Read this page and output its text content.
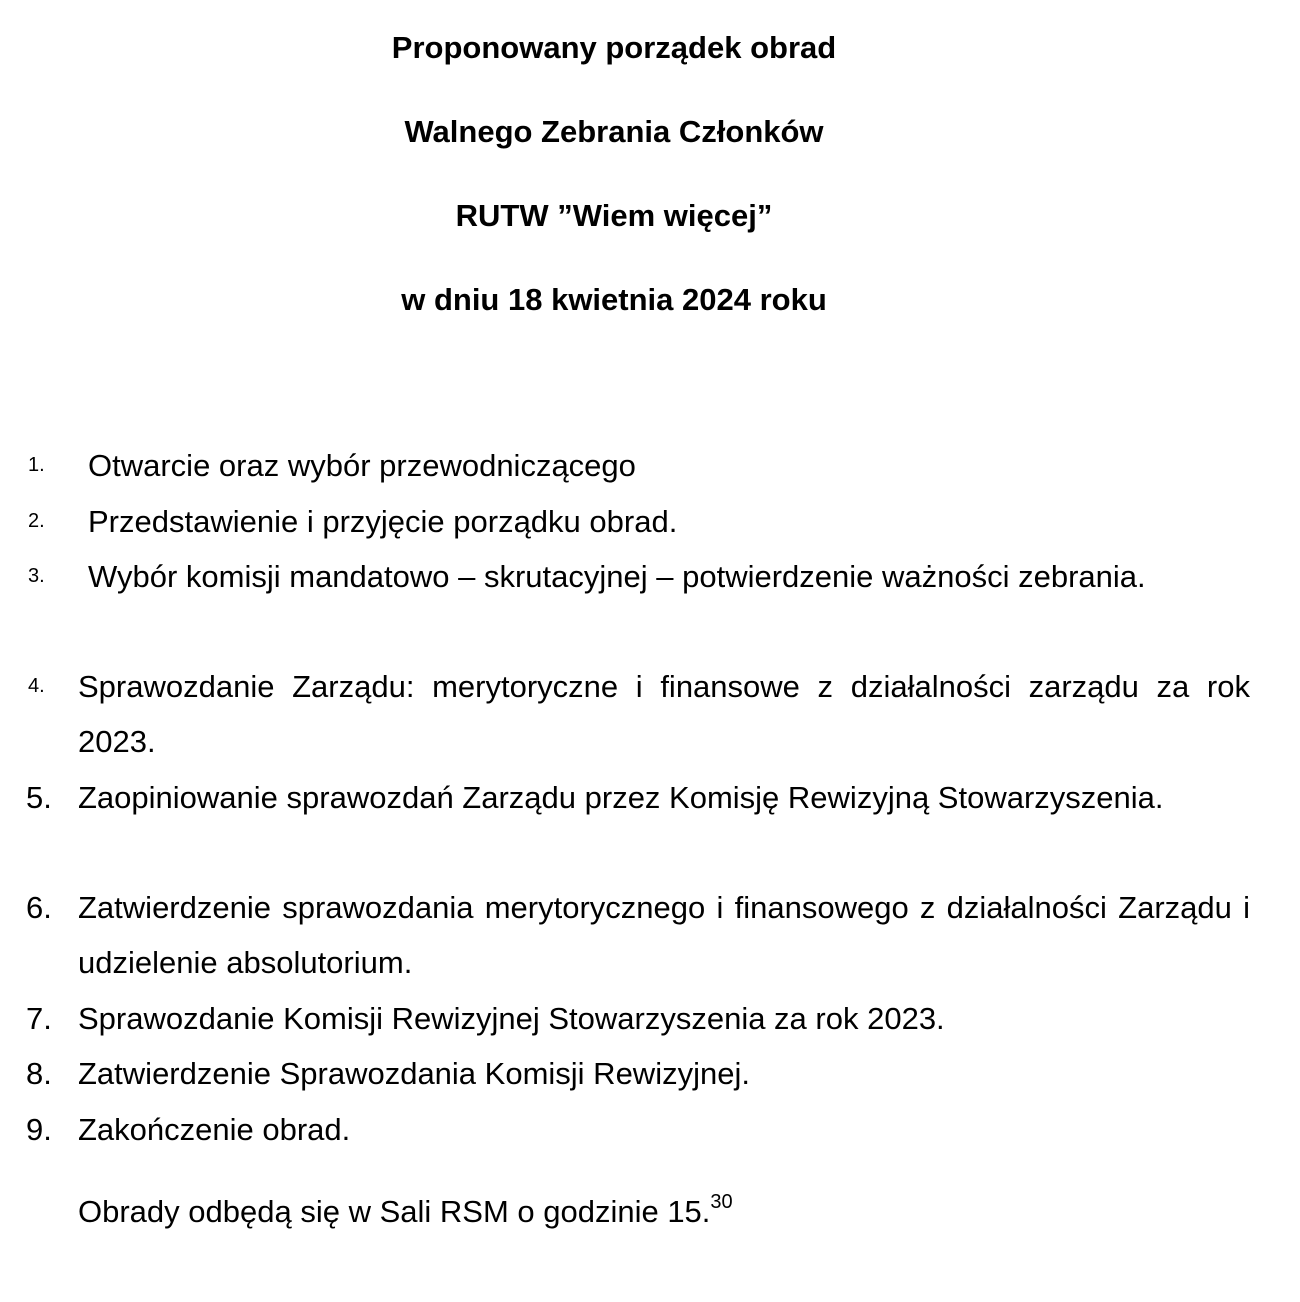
Proponowany porządek obrad
Walnego Zebrania Członków
RUTW ”Wiem więcej”
w dniu 18 kwietnia 2024 roku
1.	Otwarcie oraz wybór przewodniczącego
2.	Przedstawienie i przyjęcie porządku obrad.
3.	Wybór komisji mandatowo – skrutacyjnej – potwierdzenie ważności zebrania.
4. Sprawozdanie Zarządu: merytoryczne i finansowe z działalności zarządu za rok 2023.
5. Zaopiniowanie sprawozdań Zarządu przez Komisję Rewizyjną Stowarzyszenia.
6. Zatwierdzenie sprawozdania merytorycznego i finansowego z działalności Zarządu i udzielenie absolutorium.
7. Sprawozdanie Komisji Rewizyjnej Stowarzyszenia za rok 2023.
8. Zatwierdzenie Sprawozdania Komisji Rewizyjnej.
9. Zakończenie obrad.
Obrady odbędą się w Sali RSM o godzinie 15.30
